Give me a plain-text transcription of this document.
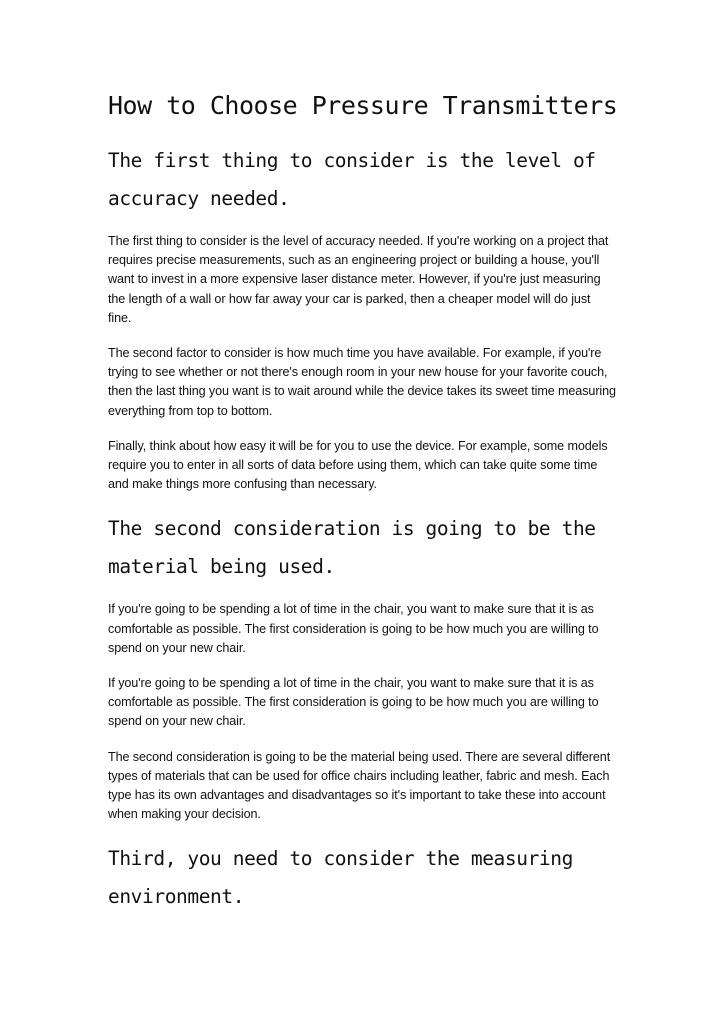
How to Choose Pressure Transmitters
The first thing to consider is the level of accuracy needed.

The first thing to consider is the level of accuracy needed. If you're working on a project that requires precise measurements, such as an engineering project or building a house, you'll want to invest in a more expensive laser distance meter. However, if you're just measuring the length of a wall or how far away your car is parked, then a cheaper model will do just fine.

The second factor to consider is how much time you have available. For example, if you're trying to see whether or not there's enough room in your new house for your favorite couch, then the last thing you want is to wait around while the device takes its sweet time measuring everything from top to bottom.

Finally, think about how easy it will be for you to use the device. For example, some models require you to enter in all sorts of data before using them, which can take quite some time and make things more confusing than necessary.

The second consideration is going to be the material being used.

If you're going to be spending a lot of time in the chair, you want to make sure that it is as comfortable as possible. The first consideration is going to be how much you are willing to spend on your new chair.

If you're going to be spending a lot of time in the chair, you want to make sure that it is as comfortable as possible. The first consideration is going to be how much you are willing to spend on your new chair.

The second consideration is going to be the material being used. There are several different types of materials that can be used for office chairs including leather, fabric and mesh. Each type has its own advantages and disadvantages so it's important to take these into account when making your decision.

Third, you need to consider the measuring environment.
